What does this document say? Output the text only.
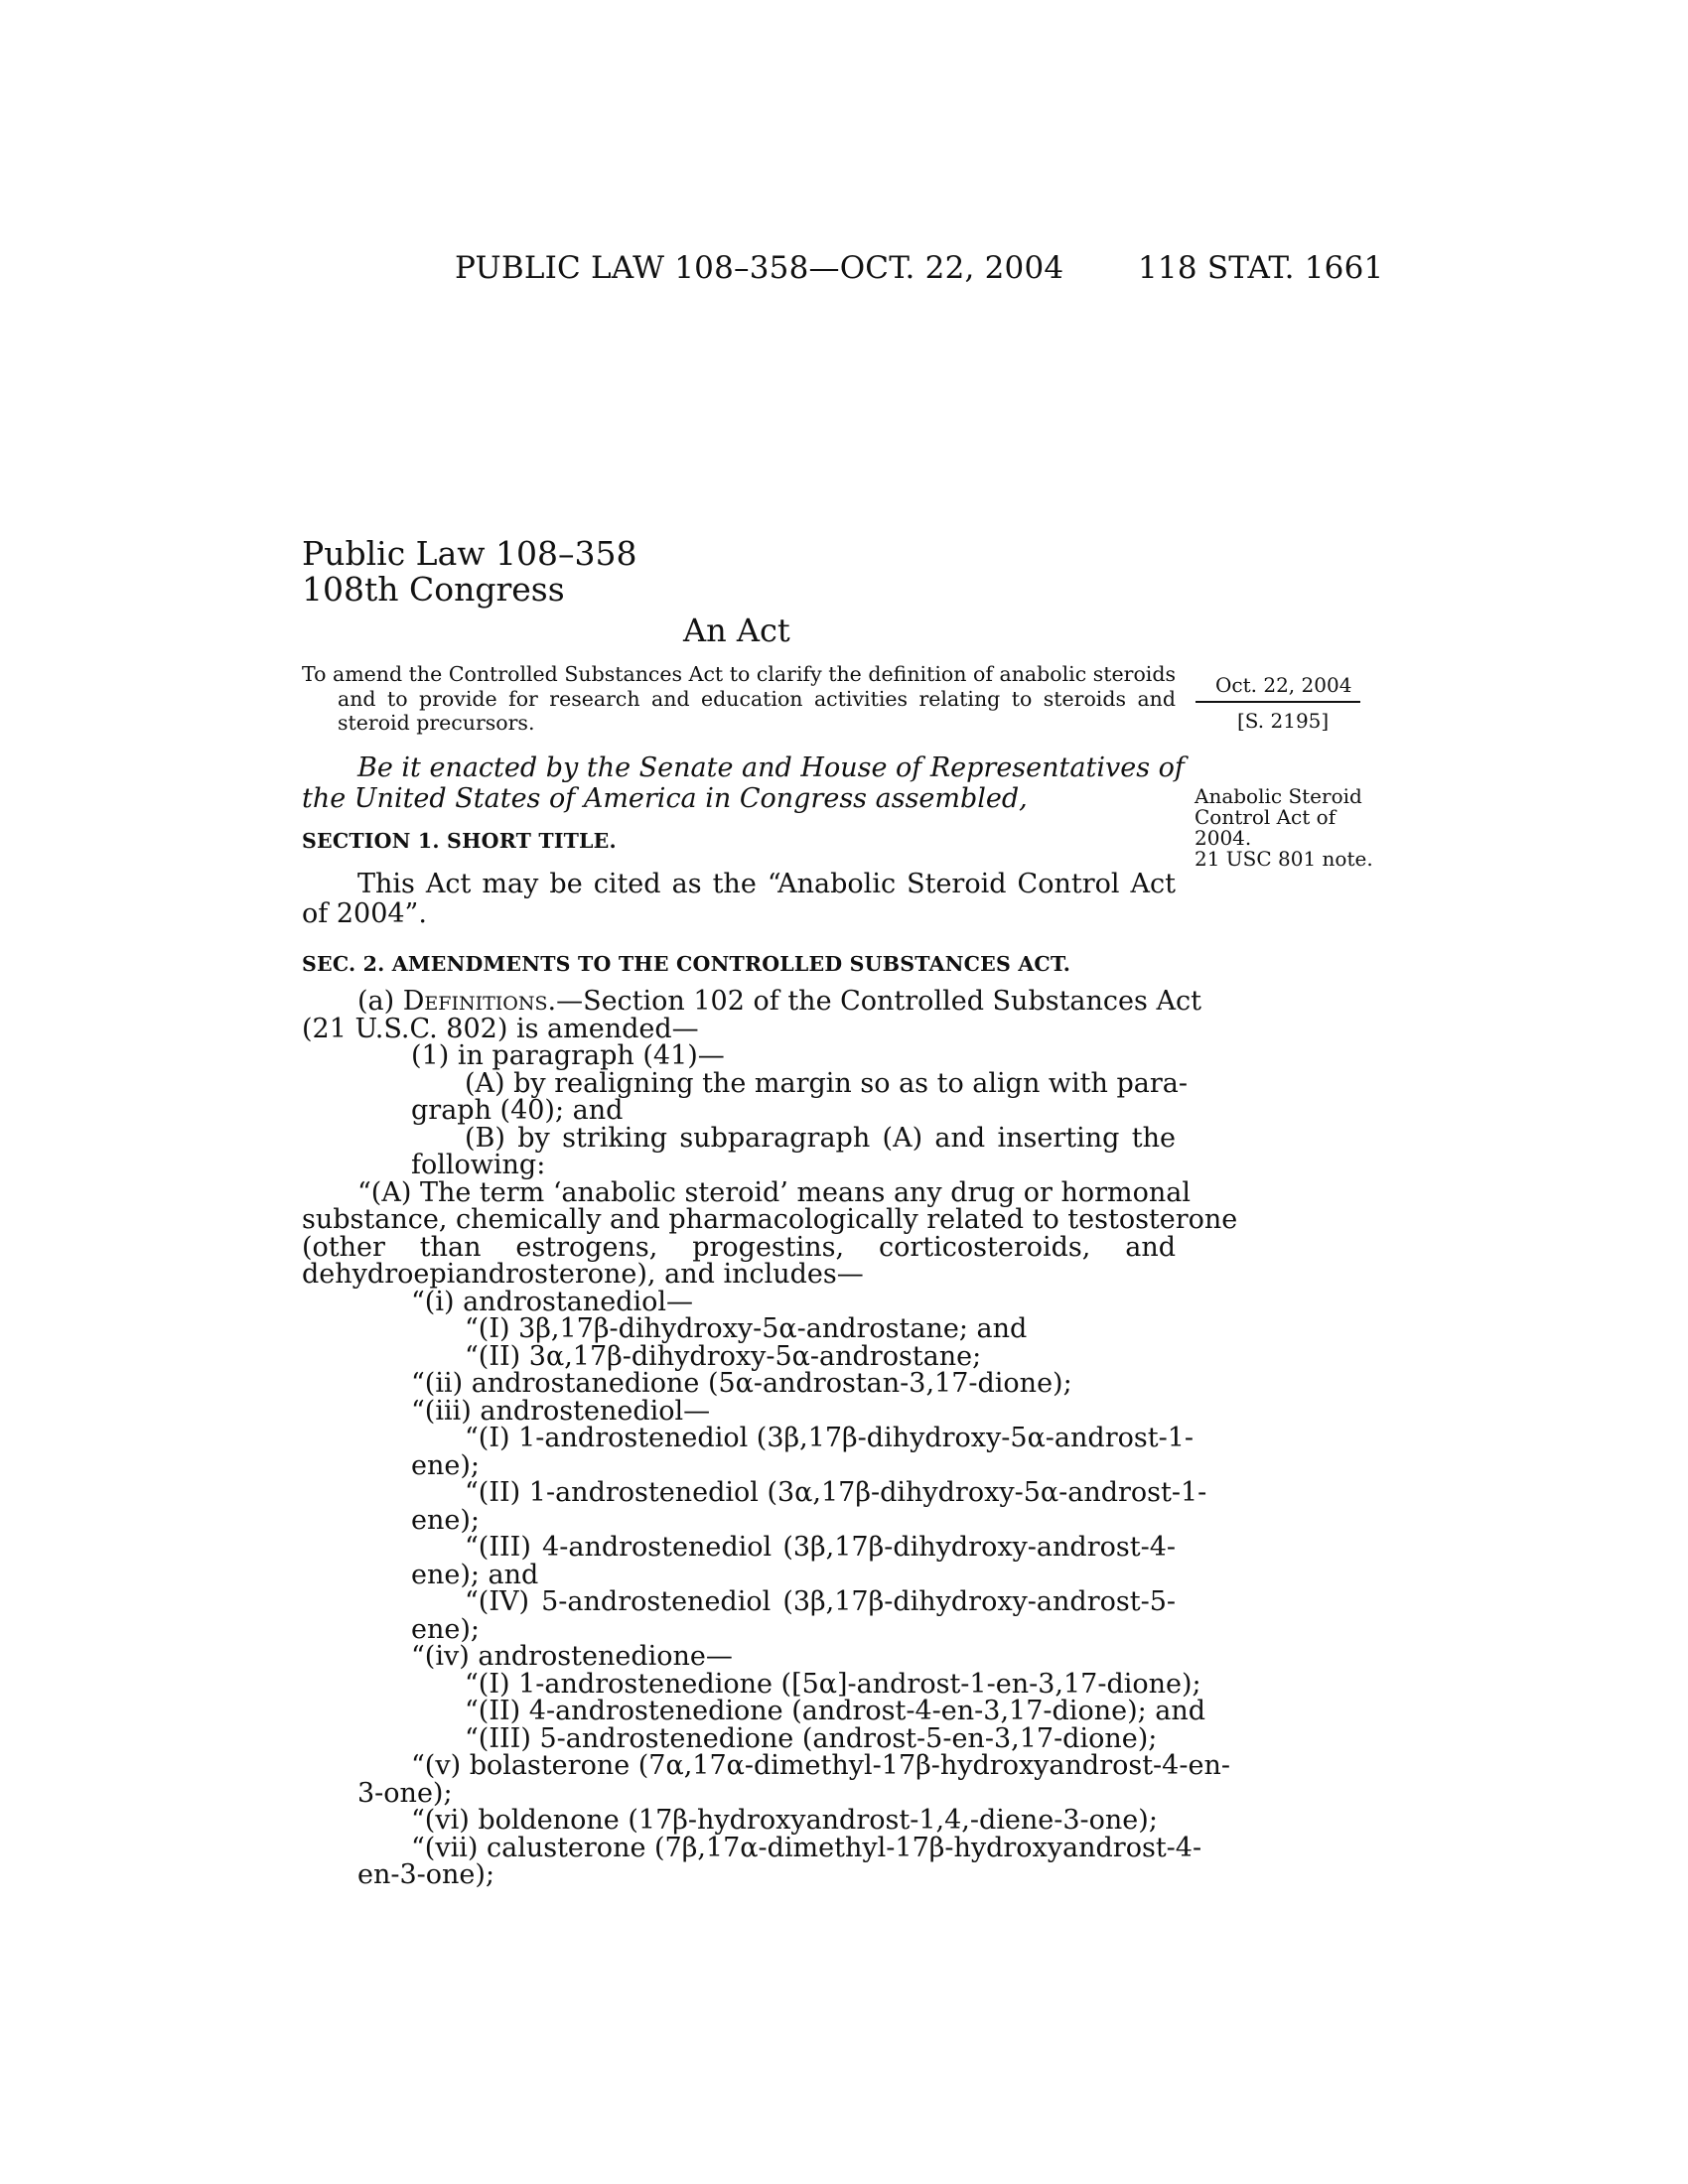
PUBLIC LAW 108–358—OCT. 22, 2004 118 STAT. 1661
Public Law 108–358
108th Congress
An Act
To amend the Controlled Substances Act to clarify the definition of anabolic steroids
and to provide for research and education activities relating to steroids and
steroid precursors.
Oct. 22, 2004
[S. 2195]
Anabolic Steroid
Control Act of
2004.
21 USC 801 note.
Be it enacted by the Senate and House of Representatives of
the United States of America in Congress assembled,
SECTION 1. SHORT TITLE.
This Act may be cited as the “Anabolic Steroid Control Act
of 2004”.
SEC. 2. AMENDMENTS TO THE CONTROLLED SUBSTANCES ACT.
(a) Definitions.—Section 102 of the Controlled Substances Act
(21 U.S.C. 802) is amended—
(1) in paragraph (41)—
(A) by realigning the margin so as to align with para-
graph (40); and
(B) by striking subparagraph (A) and inserting the
following:
“(A) The term ‘anabolic steroid’ means any drug or hormonal
substance, chemically and pharmacologically related to testosterone
(other than estrogens, progestins, corticosteroids, and
dehydroepiandrosterone), and includes—
“(i) androstanediol—
“(I) 3β,17β-dihydroxy-5α-androstane; and
“(II) 3α,17β-dihydroxy-5α-androstane;
“(ii) androstanedione (5α-androstan-3,17-dione);
“(iii) androstenediol—
“(I) 1-androstenediol (3β,17β-dihydroxy-5α-androst-1-
ene);
“(II) 1-androstenediol (3α,17β-dihydroxy-5α-androst-1-
ene);
“(III) 4-androstenediol (3β,17β-dihydroxy-androst-4-
ene); and
“(IV) 5-androstenediol (3β,17β-dihydroxy-androst-5-
ene);
“(iv) androstenedione—
“(I) 1-androstenedione ([5α]-androst-1-en-3,17-dione);
“(II) 4-androstenedione (androst-4-en-3,17-dione); and
“(III) 5-androstenedione (androst-5-en-3,17-dione);
“(v) bolasterone (7α,17α-dimethyl-17β-hydroxyandrost-4-en-
3-one);
“(vi) boldenone (17β-hydroxyandrost-1,4,-diene-3-one);
“(vii) calusterone (7β,17α-dimethyl-17β-hydroxyandrost-4-
en-3-one);
